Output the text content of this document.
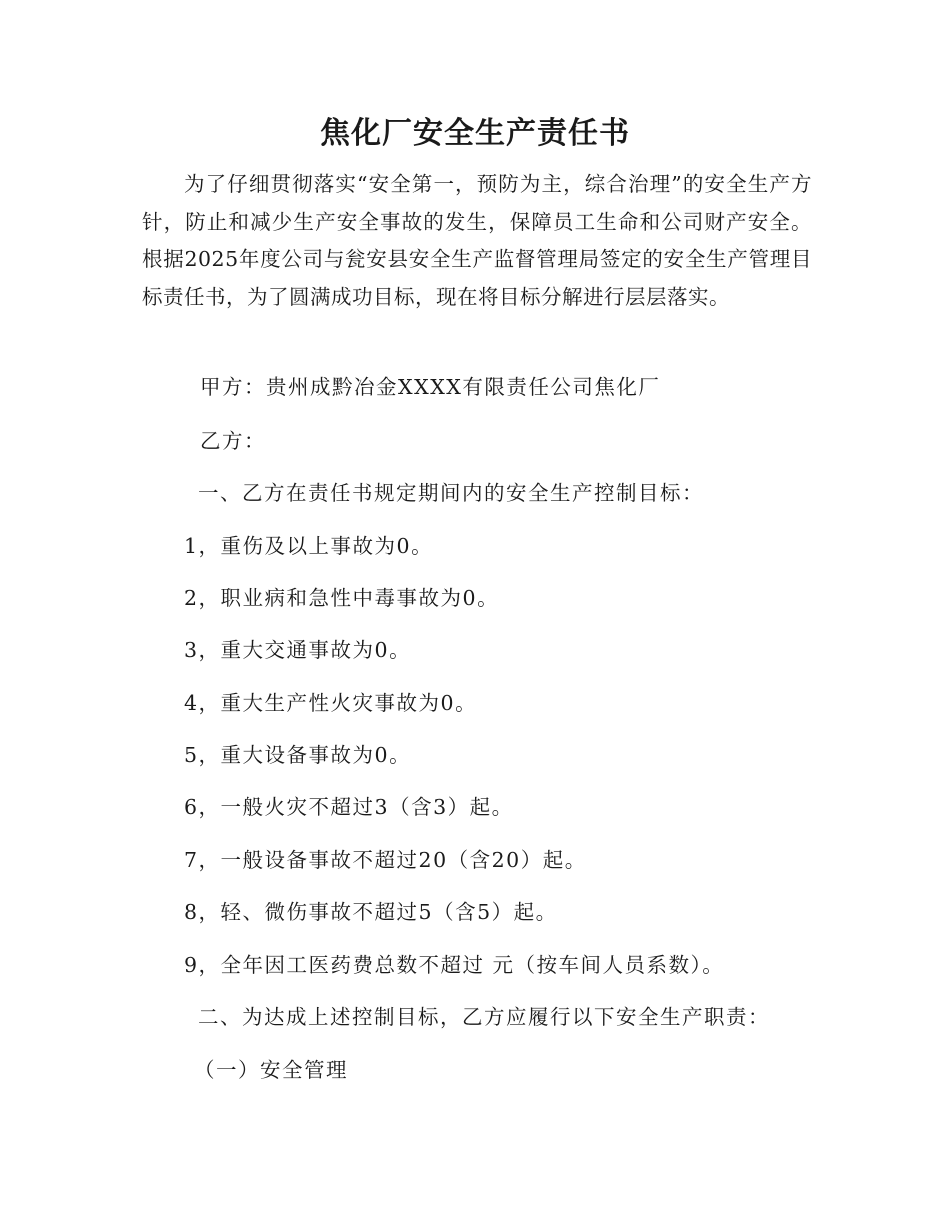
焦化厂安全生产责任书
为了仔细贯彻落实“安全第一，预防为主，综合治理”的安全生产方针，防止和减少生产安全事故的发生，保障员工生命和公司财产安全。根据2025年度公司与瓮安县安全生产监督管理局签定的安全生产管理目标责任书，为了圆满成功目标，现在将目标分解进行层层落实。
甲方：贵州成黔冶金XXXX有限责任公司焦化厂
乙方：
一、乙方在责任书规定期间内的安全生产控制目标：
1，重伤及以上事故为0。
2，职业病和急性中毒事故为0。
3，重大交通事故为0。
4，重大生产性火灾事故为0。
5，重大设备事故为0。
6，一般火灾不超过3（含3）起。
7，一般设备事故不超过20（含20）起。
8，轻、微伤事故不超过5（含5）起。
9，全年因工医药费总数不超过 元（按车间人员系数）。
二、为达成上述控制目标，乙方应履行以下安全生产职责：
（一）安全管理
